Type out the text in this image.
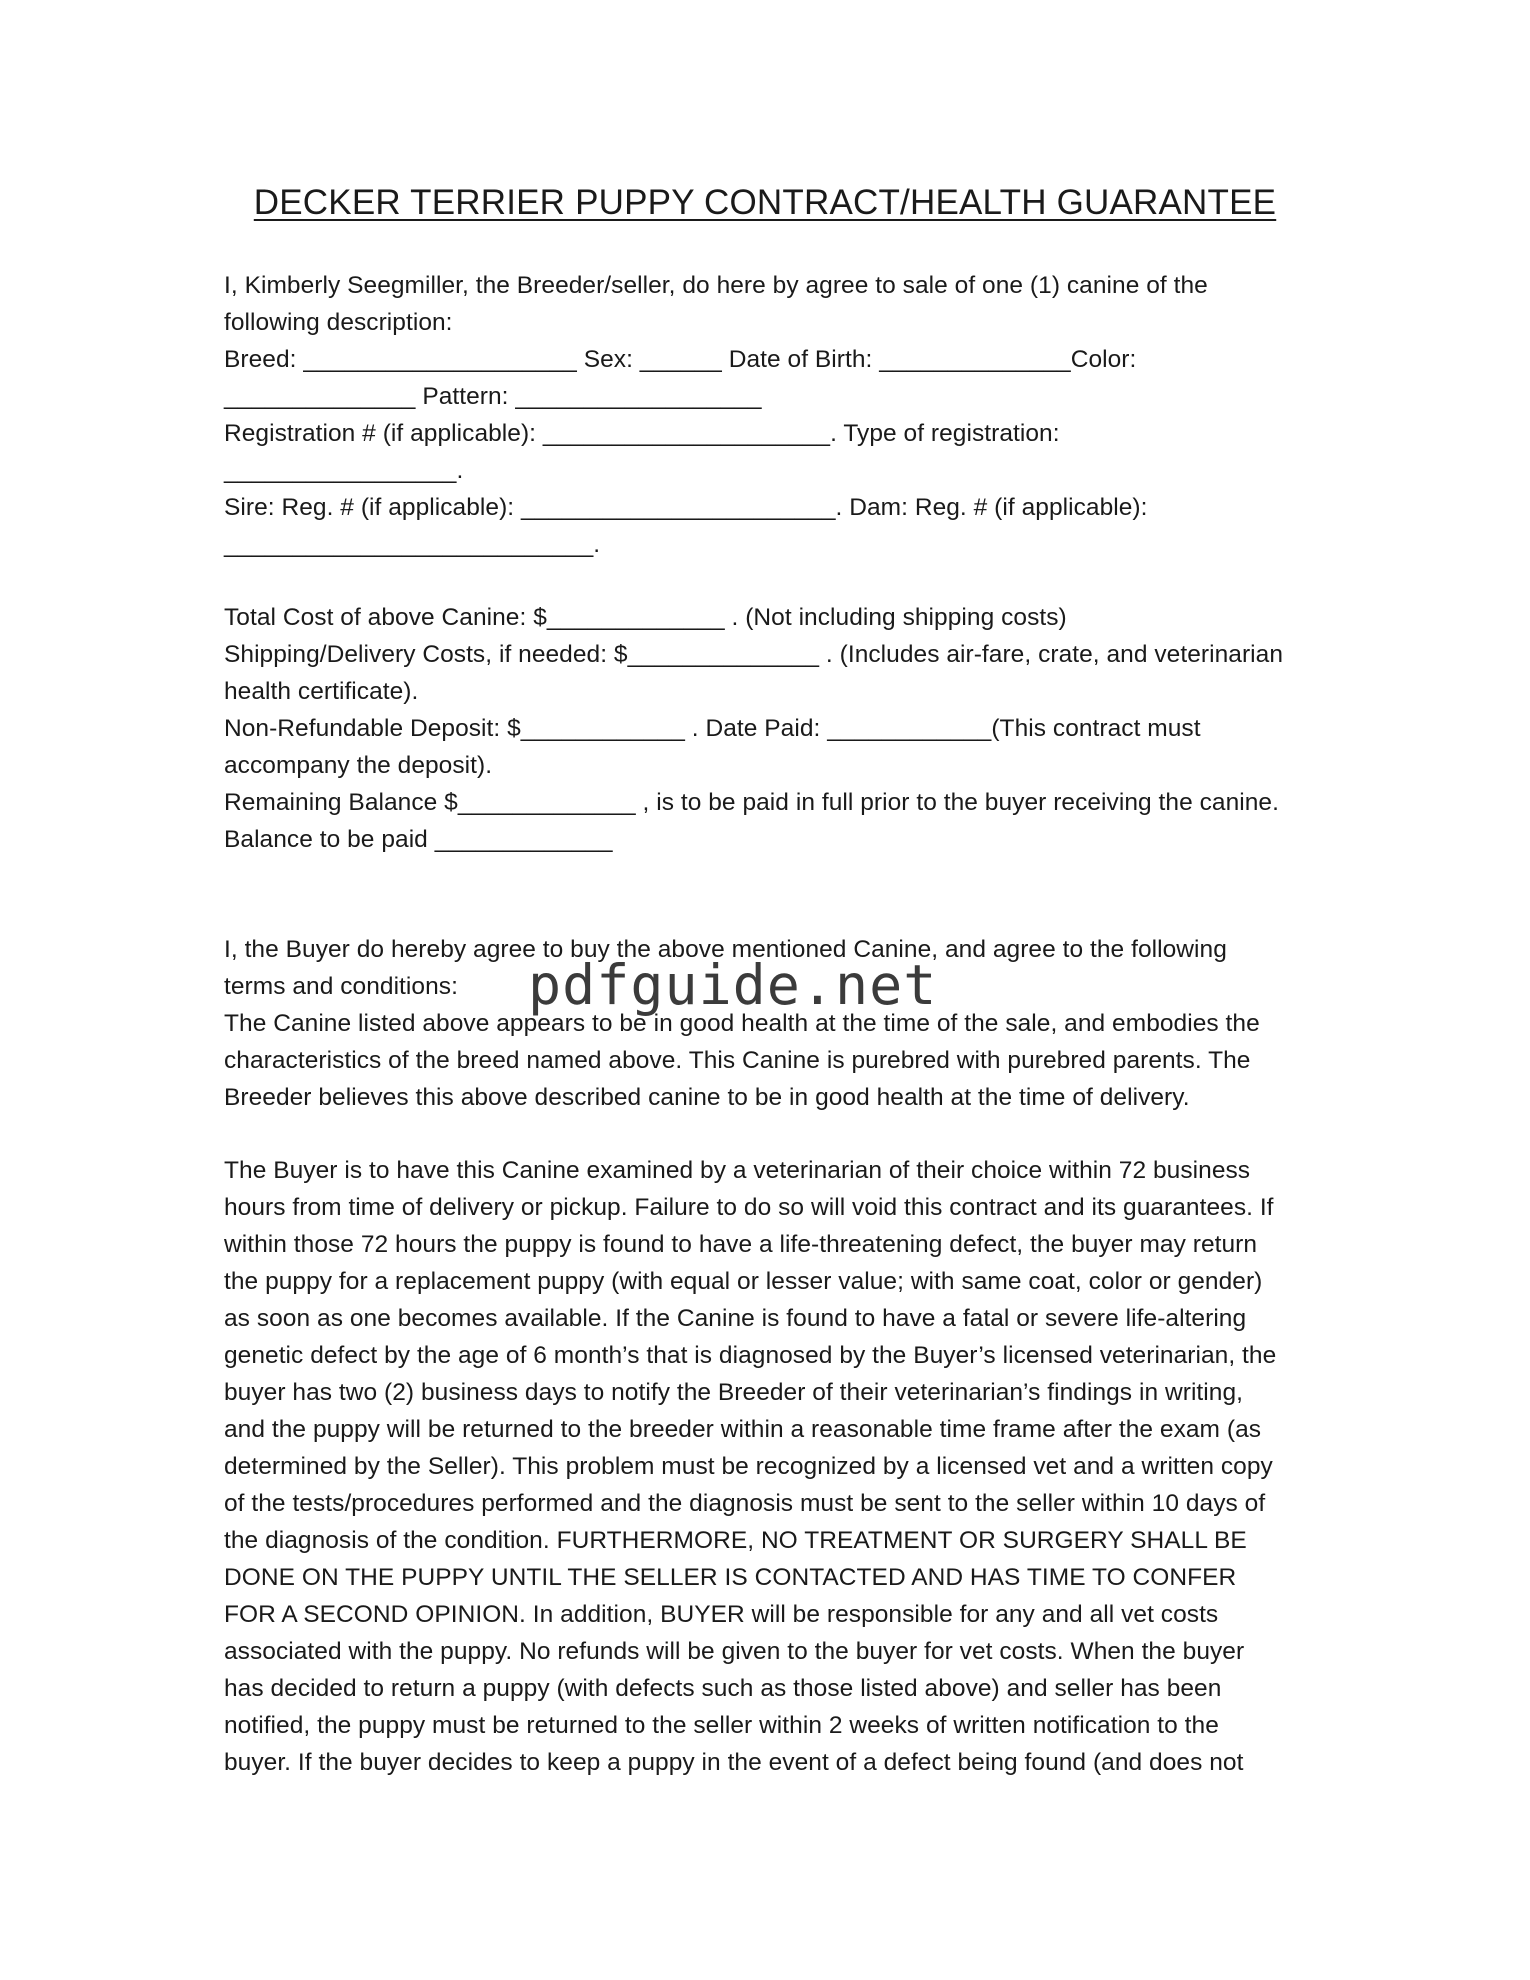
DECKER TERRIER PUPPY CONTRACT/HEALTH GUARANTEE
I, Kimberly Seegmiller, the Breeder/seller, do here by agree to sale of one (1) canine of the
following description:
Breed: ____________________ Sex: ______ Date of Birth: ______________Color:
______________ Pattern: __________________
Registration # (if applicable): _____________________. Type of registration:
_________________.
Sire: Reg. # (if applicable): _______________________. Dam: Reg. # (if applicable):
___________________________.
Total Cost of above Canine: $_____________ . (Not including shipping costs)
Shipping/Delivery Costs, if needed: $______________ . (Includes air-fare, crate, and veterinarian
health certificate).
Non-Refundable Deposit: $____________ . Date Paid: ____________(This contract must
accompany the deposit).
Remaining Balance $_____________ , is to be paid in full prior to the buyer receiving the canine.
Balance to be paid _____________
I, the Buyer do hereby agree to buy the above mentioned Canine, and agree to the following
terms and conditions:
The Canine listed above appears to be in good health at the time of the sale, and embodies the
characteristics of the breed named above. This Canine is purebred with purebred parents. The
Breeder believes this above described canine to be in good health at the time of delivery.
The Buyer is to have this Canine examined by a veterinarian of their choice within 72 business
hours from time of delivery or pickup. Failure to do so will void this contract and its guarantees. If
within those 72 hours the puppy is found to have a life-threatening defect, the buyer may return
the puppy for a replacement puppy (with equal or lesser value; with same coat, color or gender)
as soon as one becomes available. If the Canine is found to have a fatal or severe life-altering
genetic defect by the age of 6 month’s that is diagnosed by the Buyer’s licensed veterinarian, the
buyer has two (2) business days to notify the Breeder of their veterinarian’s findings in writing,
and the puppy will be returned to the breeder within a reasonable time frame after the exam (as
determined by the Seller). This problem must be recognized by a licensed vet and a written copy
of the tests/procedures performed and the diagnosis must be sent to the seller within 10 days of
the diagnosis of the condition. FURTHERMORE, NO TREATMENT OR SURGERY SHALL BE
DONE ON THE PUPPY UNTIL THE SELLER IS CONTACTED AND HAS TIME TO CONFER
FOR A SECOND OPINION. In addition, BUYER will be responsible for any and all vet costs
associated with the puppy. No refunds will be given to the buyer for vet costs. When the buyer
has decided to return a puppy (with defects such as those listed above) and seller has been
notified, the puppy must be returned to the seller within 2 weeks of written notification to the
buyer. If the buyer decides to keep a puppy in the event of a defect being found (and does not
pdfguide.net
